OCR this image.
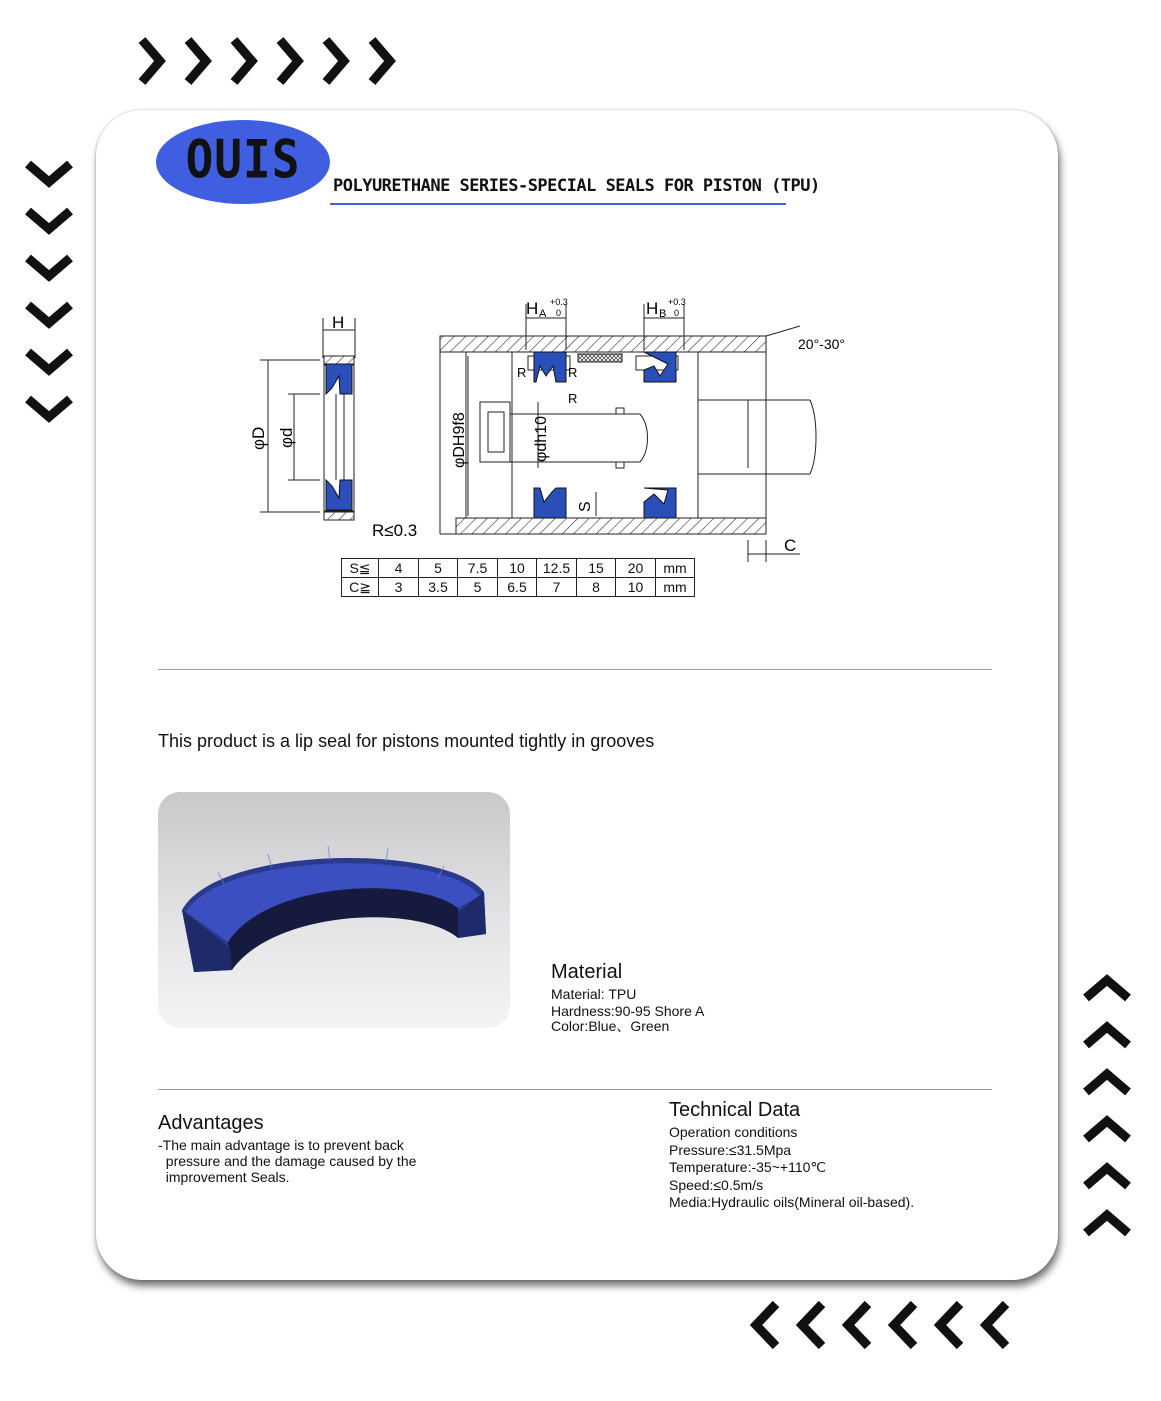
OUIS	POLYURETHANE SERIES-SPECIAL SEALS FOR PISTON (TPU)
H
φD φd
R≤0.3
H A
+0.3
0	H B
+0.3
0
20°-30°
R	R
R
φDH9f8	φdh10
S
C
S≦	4	5	7.5	10	12.5	15	20	mm
C≧	3	3.5	5	6.5	7	8	10	mm
This product is a lip seal for pistons mounted tightly in grooves
Material
Material: TPU
Hardness:90-95 Shore A
Color:Blue、Green
Advantages
-The main advantage is to prevent back
pressure and the damage caused by the
improvement Seals.
Technical Data
Operation conditions
Pressure:≤31.5Mpa
Temperature:-35~+110℃
Speed:≤0.5m/s
Media:Hydraulic oils(Mineral oil-based).
